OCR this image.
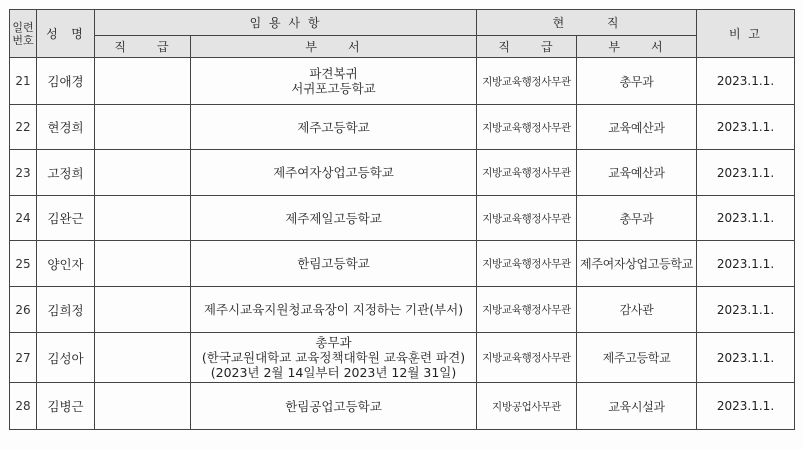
일련
번호	성  명	임 용 사 항		현       직		비 고
		직     급	부     서	직     급	부     서	
21	김애경		파견복귀
서귀포고등학교	지방교육행정사무관	총무과	2023.1.1.
22	현경희		제주고등학교	지방교육행정사무관	교육예산과	2023.1.1.
23	고정희		제주여자상업고등학교	지방교육행정사무관	교육예산과	2023.1.1.
24	김완근		제주제일고등학교	지방교육행정사무관	총무과	2023.1.1.
25	양인자		한림고등학교	지방교육행정사무관	제주여자상업고등학교	2023.1.1.
26	김희정		제주시교육지원청교육장이 지정하는 기관(부서)	지방교육행정사무관	감사관	2023.1.1.
27	김성아		총무과
(한국교원대학교 교육정책대학원 교육훈련 파견)
(2023년 2월 14일부터 2023년 12월 31일)	지방교육행정사무관	제주고등학교	2023.1.1.
28	김병근		한림공업고등학교	지방공업사무관	교육시설과	2023.1.1.
